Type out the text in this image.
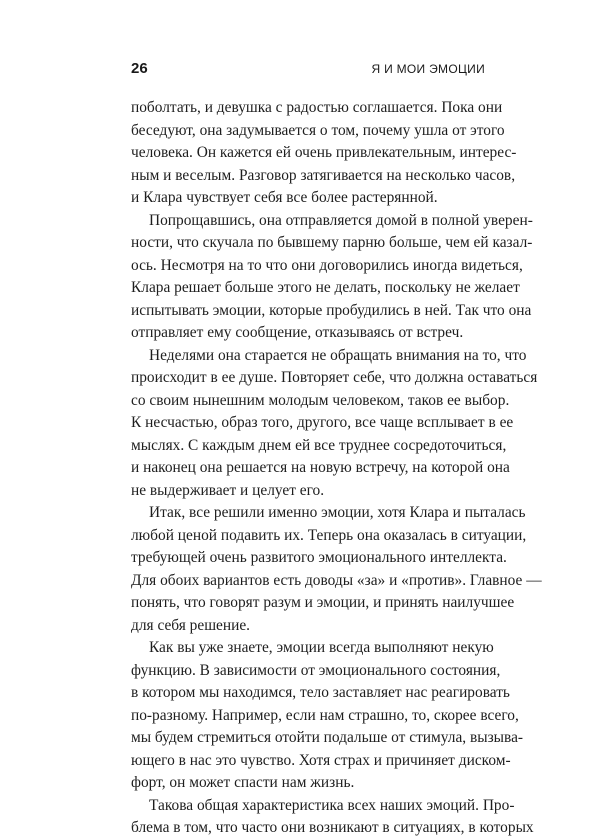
26	Я И МОИ ЭМОЦИИ
поболтать, и девушка с радостью соглашается. Пока они
беседуют, она задумывается о том, почему ушла от этого
человека. Он кажется ей очень привлекательным, интерес-
ным и веселым. Разговор затягивается на несколько часов,
и Клара чувствует себя все более растерянной.
Попрощавшись, она отправляется домой в полной уверен-
ности, что скучала по бывшему парню больше, чем ей казал-
ось. Несмотря на то что они договорились иногда видеться,
Клара решает больше этого не делать, поскольку не желает
испытывать эмоции, которые пробудились в ней. Так что она
отправляет ему сообщение, отказываясь от встреч.
Неделями она старается не обращать внимания на то, что
происходит в ее душе. Повторяет себе, что должна оставаться
со своим нынешним молодым человеком, таков ее выбор.
К несчастью, образ того, другого, все чаще всплывает в ее
мыслях. С каждым днем ей все труднее сосредоточиться,
и наконец она решается на новую встречу, на которой она
не выдерживает и целует его.
Итак, все решили именно эмоции, хотя Клара и пыталась
любой ценой подавить их. Теперь она оказалась в ситуации,
требующей очень развитого эмоционального интеллекта.
Для обоих вариантов есть доводы «за» и «против». Главное —
понять, что говорят разум и эмоции, и принять наилучшее
для себя решение.
Как вы уже знаете, эмоции всегда выполняют некую
функцию. В зависимости от эмоционального состояния,
в котором мы находимся, тело заставляет нас реагировать
по-разному. Например, если нам страшно, то, скорее всего,
мы будем стремиться отойти подальше от стимула, вызыва-
ющего в нас это чувство. Хотя страх и причиняет диском-
форт, он может спасти нам жизнь.
Такова общая характеристика всех наших эмоций. Про-
блема в том, что часто они возникают в ситуациях, в которых
